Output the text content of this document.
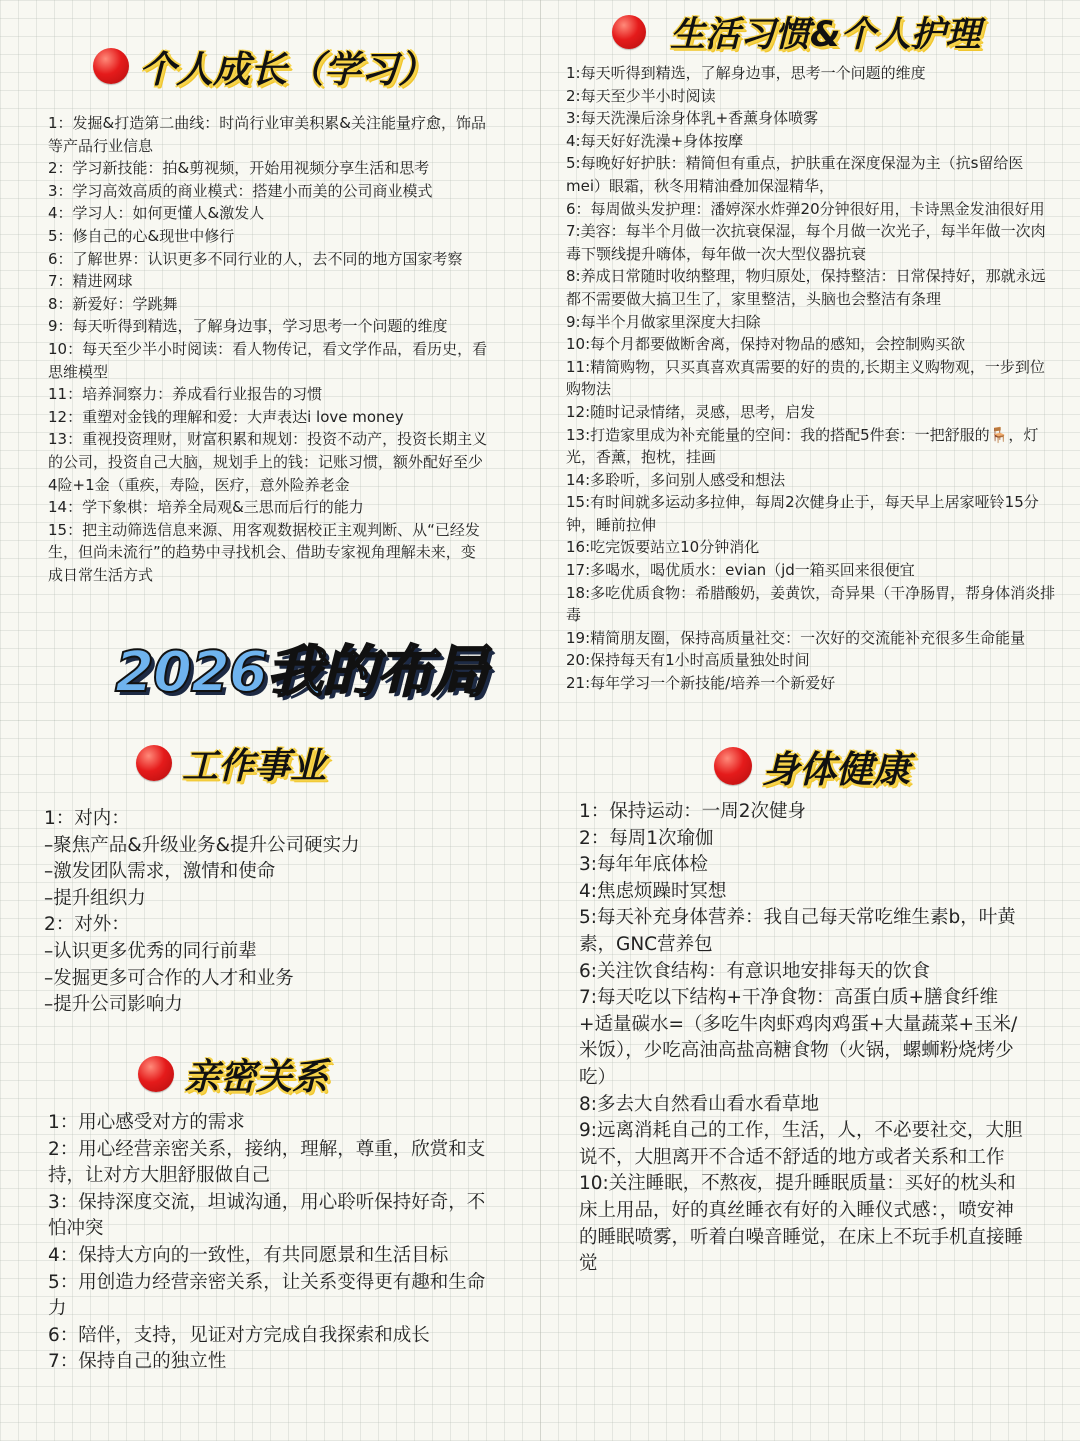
个人成长（学习）
1：发掘&打造第二曲线：时尚行业审美积累&关注能量疗愈，饰品等产品行业信息
2：学习新技能：拍&剪视频，开始用视频分享生活和思考
3：学习高效高质的商业模式：搭建小而美的公司商业模式
4：学习人：如何更懂人&激发人
5：修自己的心&现世中修行
6：了解世界：认识更多不同行业的人，去不同的地方国家考察
7：精进网球
8：新爱好：学跳舞
9：每天听得到精选，了解身边事，学习思考一个问题的维度
10：每天至少半小时阅读：看人物传记，看文学作品，看历史，看思维模型
11：培养洞察力：养成看行业报告的习惯
12：重塑对金钱的理解和爱：大声表达i love money
13：重视投资理财，财富积累和规划：投资不动产，投资长期主义的公司，投资自己大脑，规划手上的钱：记账习惯，额外配好至少4险+1金（重疾，寿险，医疗，意外险养老金
14：学下象棋：培养全局观&三思而后行的能力
15：把主动筛选信息来源、用客观数据校正主观判断、从“已经发生，但尚未流行”的趋势中寻找机会、借助专家视角理解未来，变成日常生活方式
2026我的布局
生活习惯&个人护理
1:每天听得到精选，了解身边事，思考一个问题的维度
2:每天至少半小时阅读
3:每天洗澡后涂身体乳+香薰身体喷雾
4:每天好好洗澡+身体按摩
5:每晚好好护肤：精简但有重点，护肤重在深度保湿为主（抗s留给医mei）眼霜，秋冬用精油叠加保湿精华，
6：每周做头发护理：潘婷深水炸弹20分钟很好用，卡诗黑金发油很好用
7:美容：每半个月做一次抗衰保湿，每个月做一次光子，每半年做一次肉毒下颚线提升嗨体，每年做一次大型仪器抗衰
8:养成日常随时收纳整理，物归原处，保持整洁：日常保持好，那就永远都不需要做大搞卫生了，家里整洁，头脑也会整洁有条理
9:每半个月做家里深度大扫除
10:每个月都要做断舍离，保持对物品的感知，会控制购买欲
11:精简购物，只买真喜欢真需要的好的贵的,长期主义购物观，一步到位购物法
12:随时记录情绪，灵感，思考，启发
13:打造家里成为补充能量的空间：我的搭配5件套：一把舒服的🪑，灯光，香薰，抱枕，挂画
14:多聆听，多问别人感受和想法
15:有时间就多运动多拉伸，每周2次健身止于，每天早上居家哑铃15分钟，睡前拉伸
16:吃完饭要站立10分钟消化
17:多喝水，喝优质水：evian（jd一箱买回来很便宜
18:多吃优质食物：希腊酸奶，姜黄饮，奇异果（干净肠胃，帮身体消炎排毒
19:精简朋友圈，保持高质量社交：一次好的交流能补充很多生命能量
20:保持每天有1小时高质量独处时间
21:每年学习一个新技能/培养一个新爱好
工作事业
1：对内：
–聚焦产品&升级业务&提升公司硬实力
–激发团队需求，激情和使命
–提升组织力
2：对外：
–认识更多优秀的同行前辈
–发掘更多可合作的人才和业务
–提升公司影响力
亲密关系
1：用心感受对方的需求
2：用心经营亲密关系，接纳，理解，尊重，欣赏和支持，让对方大胆舒服做自己
3：保持深度交流，坦诚沟通，用心聆听保持好奇，不怕冲突
4：保持大方向的一致性，有共同愿景和生活目标
5：用创造力经营亲密关系，让关系变得更有趣和生命力
6：陪伴，支持，见证对方完成自我探索和成长
7：保持自己的独立性
身体健康
1：保持运动：一周2次健身
2：每周1次瑜伽
3:每年年底体检
4:焦虑烦躁时冥想
5:每天补充身体营养：我自己每天常吃维生素b，叶黄素，GNC营养包
6:关注饮食结构：有意识地安排每天的饮食
7:每天吃以下结构+干净食物：高蛋白质+膳食纤维+适量碳水=（多吃牛肉虾鸡肉鸡蛋+大量蔬菜+玉米/米饭），少吃高油高盐高糖食物（火锅，螺蛳粉烧烤少吃）
8:多去大自然看山看水看草地
9:远离消耗自己的工作，生活，人，不必要社交，大胆说不，大胆离开不合适不舒适的地方或者关系和工作
10:关注睡眠，不熬夜，提升睡眠质量：买好的枕头和床上用品，好的真丝睡衣有好的入睡仪式感：，喷安神的睡眠喷雾，听着白噪音睡觉，在床上不玩手机直接睡觉
